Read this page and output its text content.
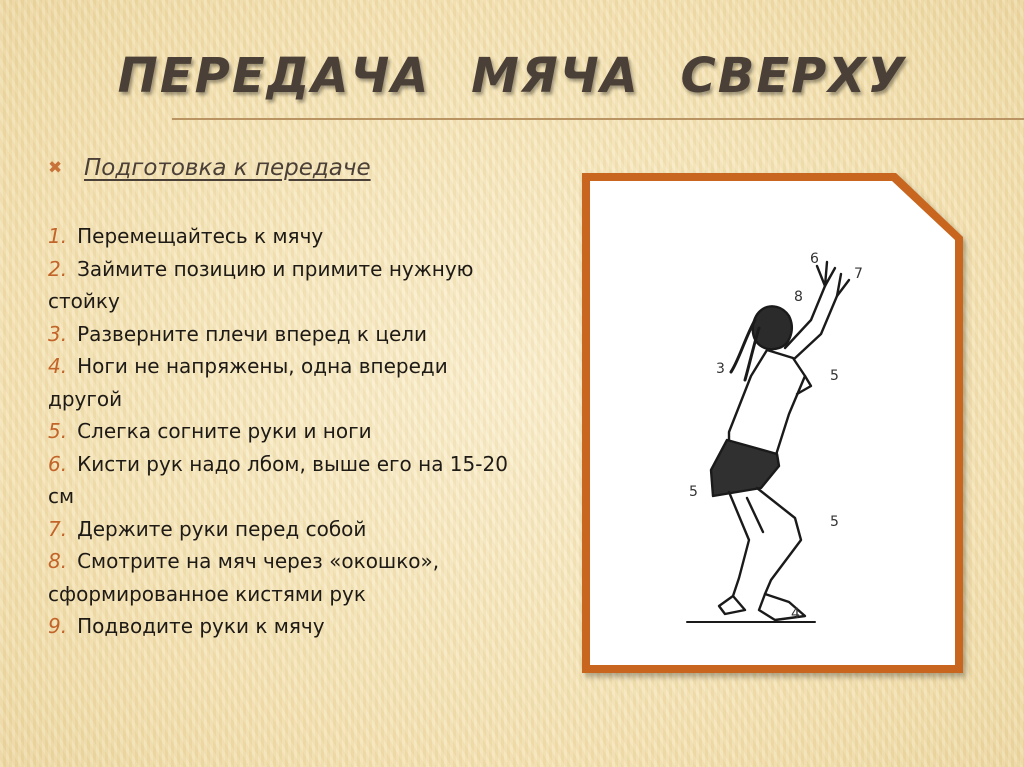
ПЕРЕДАЧА МЯЧА СВЕРХУ
✖ Подготовка к передаче
1. Перемещайтесь к мячу
2. Займите позицию и примите нужную стойку
3. Разверните плечи вперед к цели
4. Ноги не напряжены, одна впереди другой
5. Слегка согните руки и ноги
6. Кисти рук надо лбом, выше его на 15-20 см
7. Держите руки перед собой
8. Смотрите на мяч через «окошко», сформированное кистями рук
9. Подводите руки к мячу
6
7
8
3	5
5
5
4
